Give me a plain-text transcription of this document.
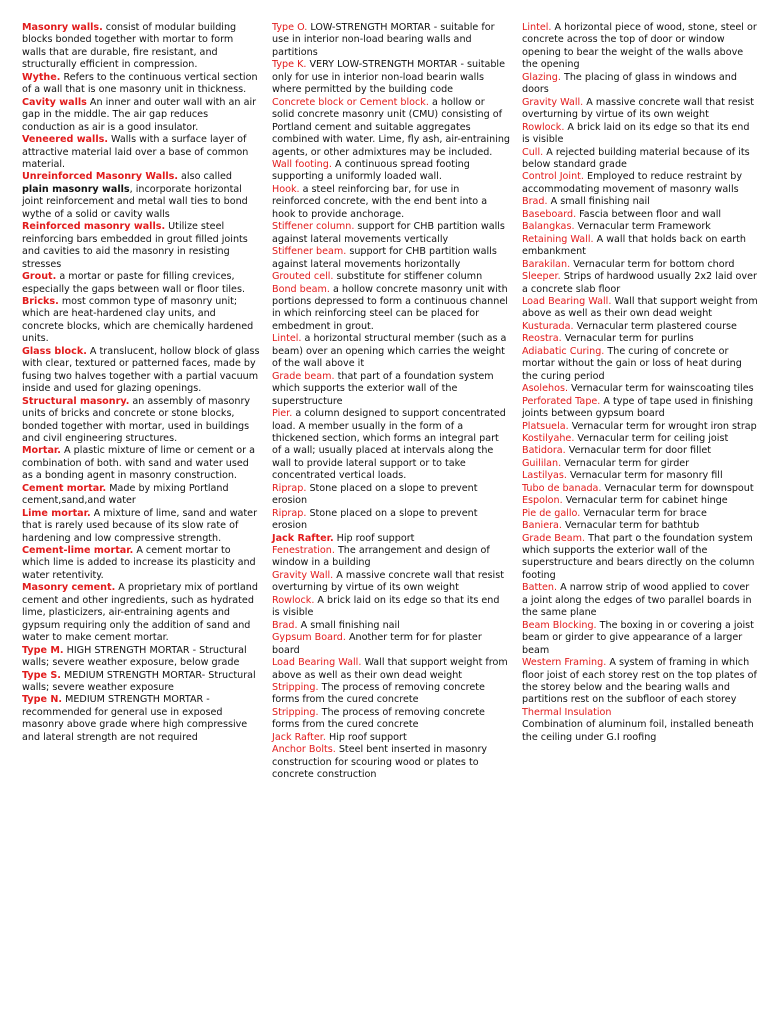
Masonry walls. consist of modular building blocks bonded together with mortar to form walls that are durable, fire resistant, and structurally efficient in compression.

Wythe. Refers to the continuous vertical section of a wall that is one masonry unit in thickness.

Cavity walls An inner and outer wall with an air gap in the middle. The air gap reduces conduction as air is a good insulator.

Veneered walls. Walls with a surface layer of attractive material laid over a base of common material.

Unreinforced Masonry Walls. also called plain masonry walls, incorporate horizontal joint reinforcement and metal wall ties to bond wythe of a solid or cavity walls

Reinforced masonry walls. Utilize steel reinforcing bars embedded in grout filled joints and cavities to aid the masonry in resisting stresses

Grout. a mortar or paste for filling crevices, especially the gaps between wall or floor tiles.

Bricks. most common type of masonry unit; which are heat-hardened clay units, and concrete blocks, which are chemically hardened units.

Glass block. A translucent, hollow block of glass with clear, textured or patterned faces, made by fusing two halves together with a partial vacuum inside and used for glazing openings.

Structural masonry. an assembly of masonry units of bricks and concrete or stone blocks, bonded together with mortar, used in buildings and civil engineering structures.

Mortar. A plastic mixture of lime or cement or a combination of both. with sand and water used as a bonding agent in masonry construction.

Cement mortar. Made by mixing Portland cement,sand,and water

Lime mortar. A mixture of lime, sand and water that is rarely used because of its slow rate of hardening and low compressive strength.

Cement-lime mortar. A cement mortar to which lime is added to increase its plasticity and water retentivity.

Masonry cement. A proprietary mix of portland cement and other ingredients, such as hydrated lime, plasticizers, air-entraining agents and gypsum requiring only the addition of sand and water to make cement mortar.

Type M. HIGH STRENGTH MORTAR - Structural walls; severe weather exposure, below grade

Type S. MEDIUM STRENGTH MORTAR- Structural walls; severe weather exposure

Type N. MEDIUM STRENGTH MORTAR - recommended for general use in exposed masonry above grade where high compressive and lateral strength are not required

Type O. LOW-STRENGTH MORTAR - suitable for use in interior non-load bearing walls and partitions

Type K. VERY LOW-STRENGTH MORTAR - suitable only for use in interior non-load bearin walls where permitted by the building code

Concrete block or Cement block. a hollow or solid concrete masonry unit (CMU) consisting of Portland cement and suitable aggregates combined with water. Lime, fly ash, air-entraining agents, or other admixtures may be included.

Wall footing. A continuous spread footing supporting a uniformly loaded wall.

Hook. a steel reinforcing bar, for use in reinforced concrete, with the end bent into a hook to provide anchorage.

Stiffener column. support for CHB partition walls against lateral movements vertically

Stiffener beam. support for CHB partition walls against lateral movements horizontally

Grouted cell. substitute for stiffener column

Bond beam. a hollow concrete masonry unit with portions depressed to form a continuous channel in which reinforcing steel can be placed for embedment in grout.

Lintel. a horizontal structural member (such as a beam) over an opening which carries the weight of the wall above it

Grade beam. that part of a foundation system which supports the exterior wall of the superstructure

Pier. a column designed to support concentrated load. A member usually in the form of a thickened section, which forms an integral part of a wall; usually placed at intervals along the wall to provide lateral support or to take concentrated vertical loads.

Riprap. Stone placed on a slope to prevent erosion

Riprap. Stone placed on a slope to prevent erosion

Jack Rafter. Hip roof support

Fenestration. The arrangement and design of window in a building

Gravity Wall. A massive concrete wall that resist overturning by virtue of its own weight

Rowlock. A brick laid on its edge so that its end is visible

Brad. A small finishing nail

Gypsum Board. Another term for for plaster board

Load Bearing Wall. Wall that support weight from above as well as their own dead weight

Stripping. The process of removing concrete forms from the cured concrete

Stripping. The process of removing concrete forms from the cured concrete

Jack Rafter. Hip roof support

Anchor Bolts. Steel bent inserted in masonry construction for scouring wood or plates to concrete construction

Lintel. A horizontal piece of wood, stone, steel or concrete across the top of door or window opening to bear the weight of the walls above the opening

Glazing. The placing of glass in windows and doors

Gravity Wall. A massive concrete wall that resist overturning by virtue of its own weight

Rowlock. A brick laid on its edge so that its end is visible

Cull. A rejected building material because of its below standard grade

Control Joint. Employed to reduce restraint by accommodating movement of masonry walls

Brad. A small finishing nail

Baseboard. Fascia between floor and wall

Balangkas. Vernacular term Framework

Retaining Wall. A wall that holds back on earth embankment

Barakilan. Vernacular term for bottom chord

Sleeper. Strips of hardwood usually 2x2 laid over a concrete slab floor

Load Bearing Wall. Wall that support weight from above as well as their own dead weight

Kusturada. Vernacular term plastered course

Reostra. Vernacular term for purlins

Adiabatic Curing. The curing of concrete or mortar without the gain or loss of heat during the curing period

Asolehos. Vernacular term for wainscoating tiles

Perforated Tape. A type of tape used in finishing joints between gypsum board

Platsuela. Vernacular term for wrought iron strap

Kostilyahe. Vernacular term for ceiling joist

Batidora. Vernacular term for door fillet

Guililan. Vernacular term for girder

Lastilyas. Vernacular term for masonry fill

Tubo de banada. Vernacular term for downspout

Espolon. Vernacular term for cabinet hinge

Pie de gallo. Vernacular term for brace

Baniera. Vernacular term for bathtub

Grade Beam. That part o the foundation system which supports the exterior wall of the superstructure and bears directly on the column footing

Batten. A narrow strip of wood applied to cover a joint along the edges of two parallel boards in the same plane

Beam Blocking. The boxing in or covering a joist beam or girder to give appearance of a larger beam

Western Framing. A system of framing in which floor joist of each storey rest on the top plates of the storey below and the bearing walls and partitions rest on the subfloor of each storey

Thermal Insulation
Combination of aluminum foil, installed beneath the ceiling under G.I roofing
